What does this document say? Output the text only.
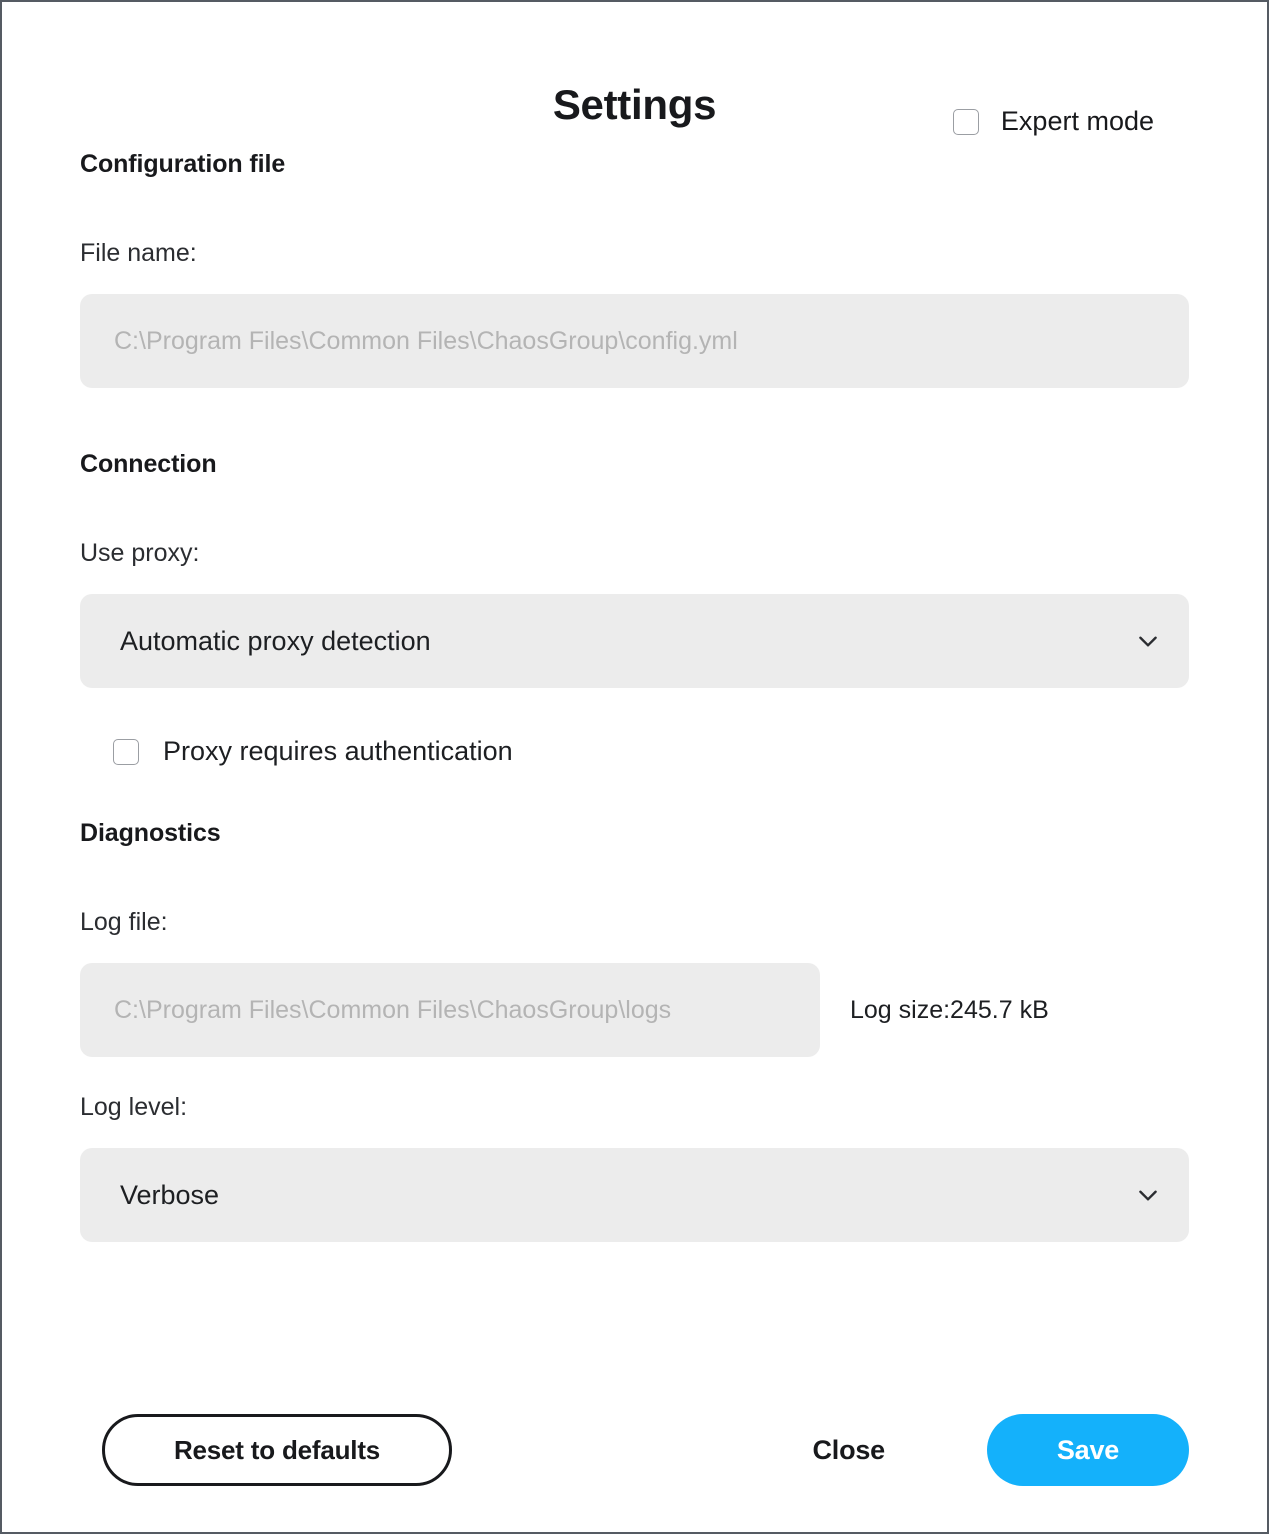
Settings	Expert mode
Configuration file
File name:
C:\Program Files\Common Files\ChaosGroup\config.yml
Connection
Use proxy:
Automatic proxy detection
Proxy requires authentication
Diagnostics
Log file:
C:\Program Files\Common Files\ChaosGroup\logs	Log size:245.7 kB
Log level:
Verbose
Reset to defaults	Close	Save
